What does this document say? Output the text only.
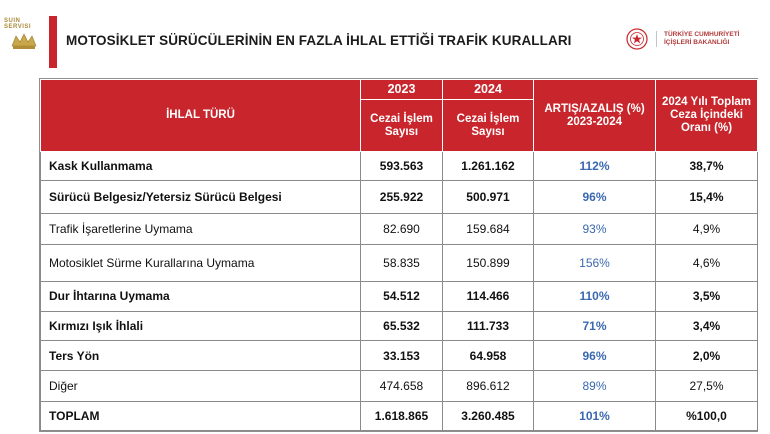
SUIN SERVISI
MOTOSİKLET SÜRÜCÜLERİNİN EN FAZLA İHLAL ETTİĞİ TRAFİK KURALLARI	TÜRKİYE CUMHURİYETİ
İÇİŞLERİ BAKANLIĞI
İHLAL TÜRÜ	2023	2024	ARTIŞ/AZALIŞ (%) 2023-2024	2024 Yılı Toplam Ceza İçindeki Oranı (%)
	Cezai İşlem Sayısı	Cezai İşlem Sayısı		
Kask Kullanmama	593.563	1.261.162	112%	38,7%
Sürücü Belgesiz/Yetersiz Sürücü Belgesi	255.922	500.971	96%	15,4%
Trafik İşaretlerine Uymama	82.690	159.684	93%	4,9%
Motosiklet Sürme Kurallarına Uymama	58.835	150.899	156%	4,6%
Dur İhtarına Uymama	54.512	114.466	110%	3,5%
Kırmızı Işık İhlali	65.532	111.733	71%	3,4%
Ters Yön	33.153	64.958	96%	2,0%
Diğer	474.658	896.612	89%	27,5%
TOPLAM	1.618.865	3.260.485	101%	%100,0
